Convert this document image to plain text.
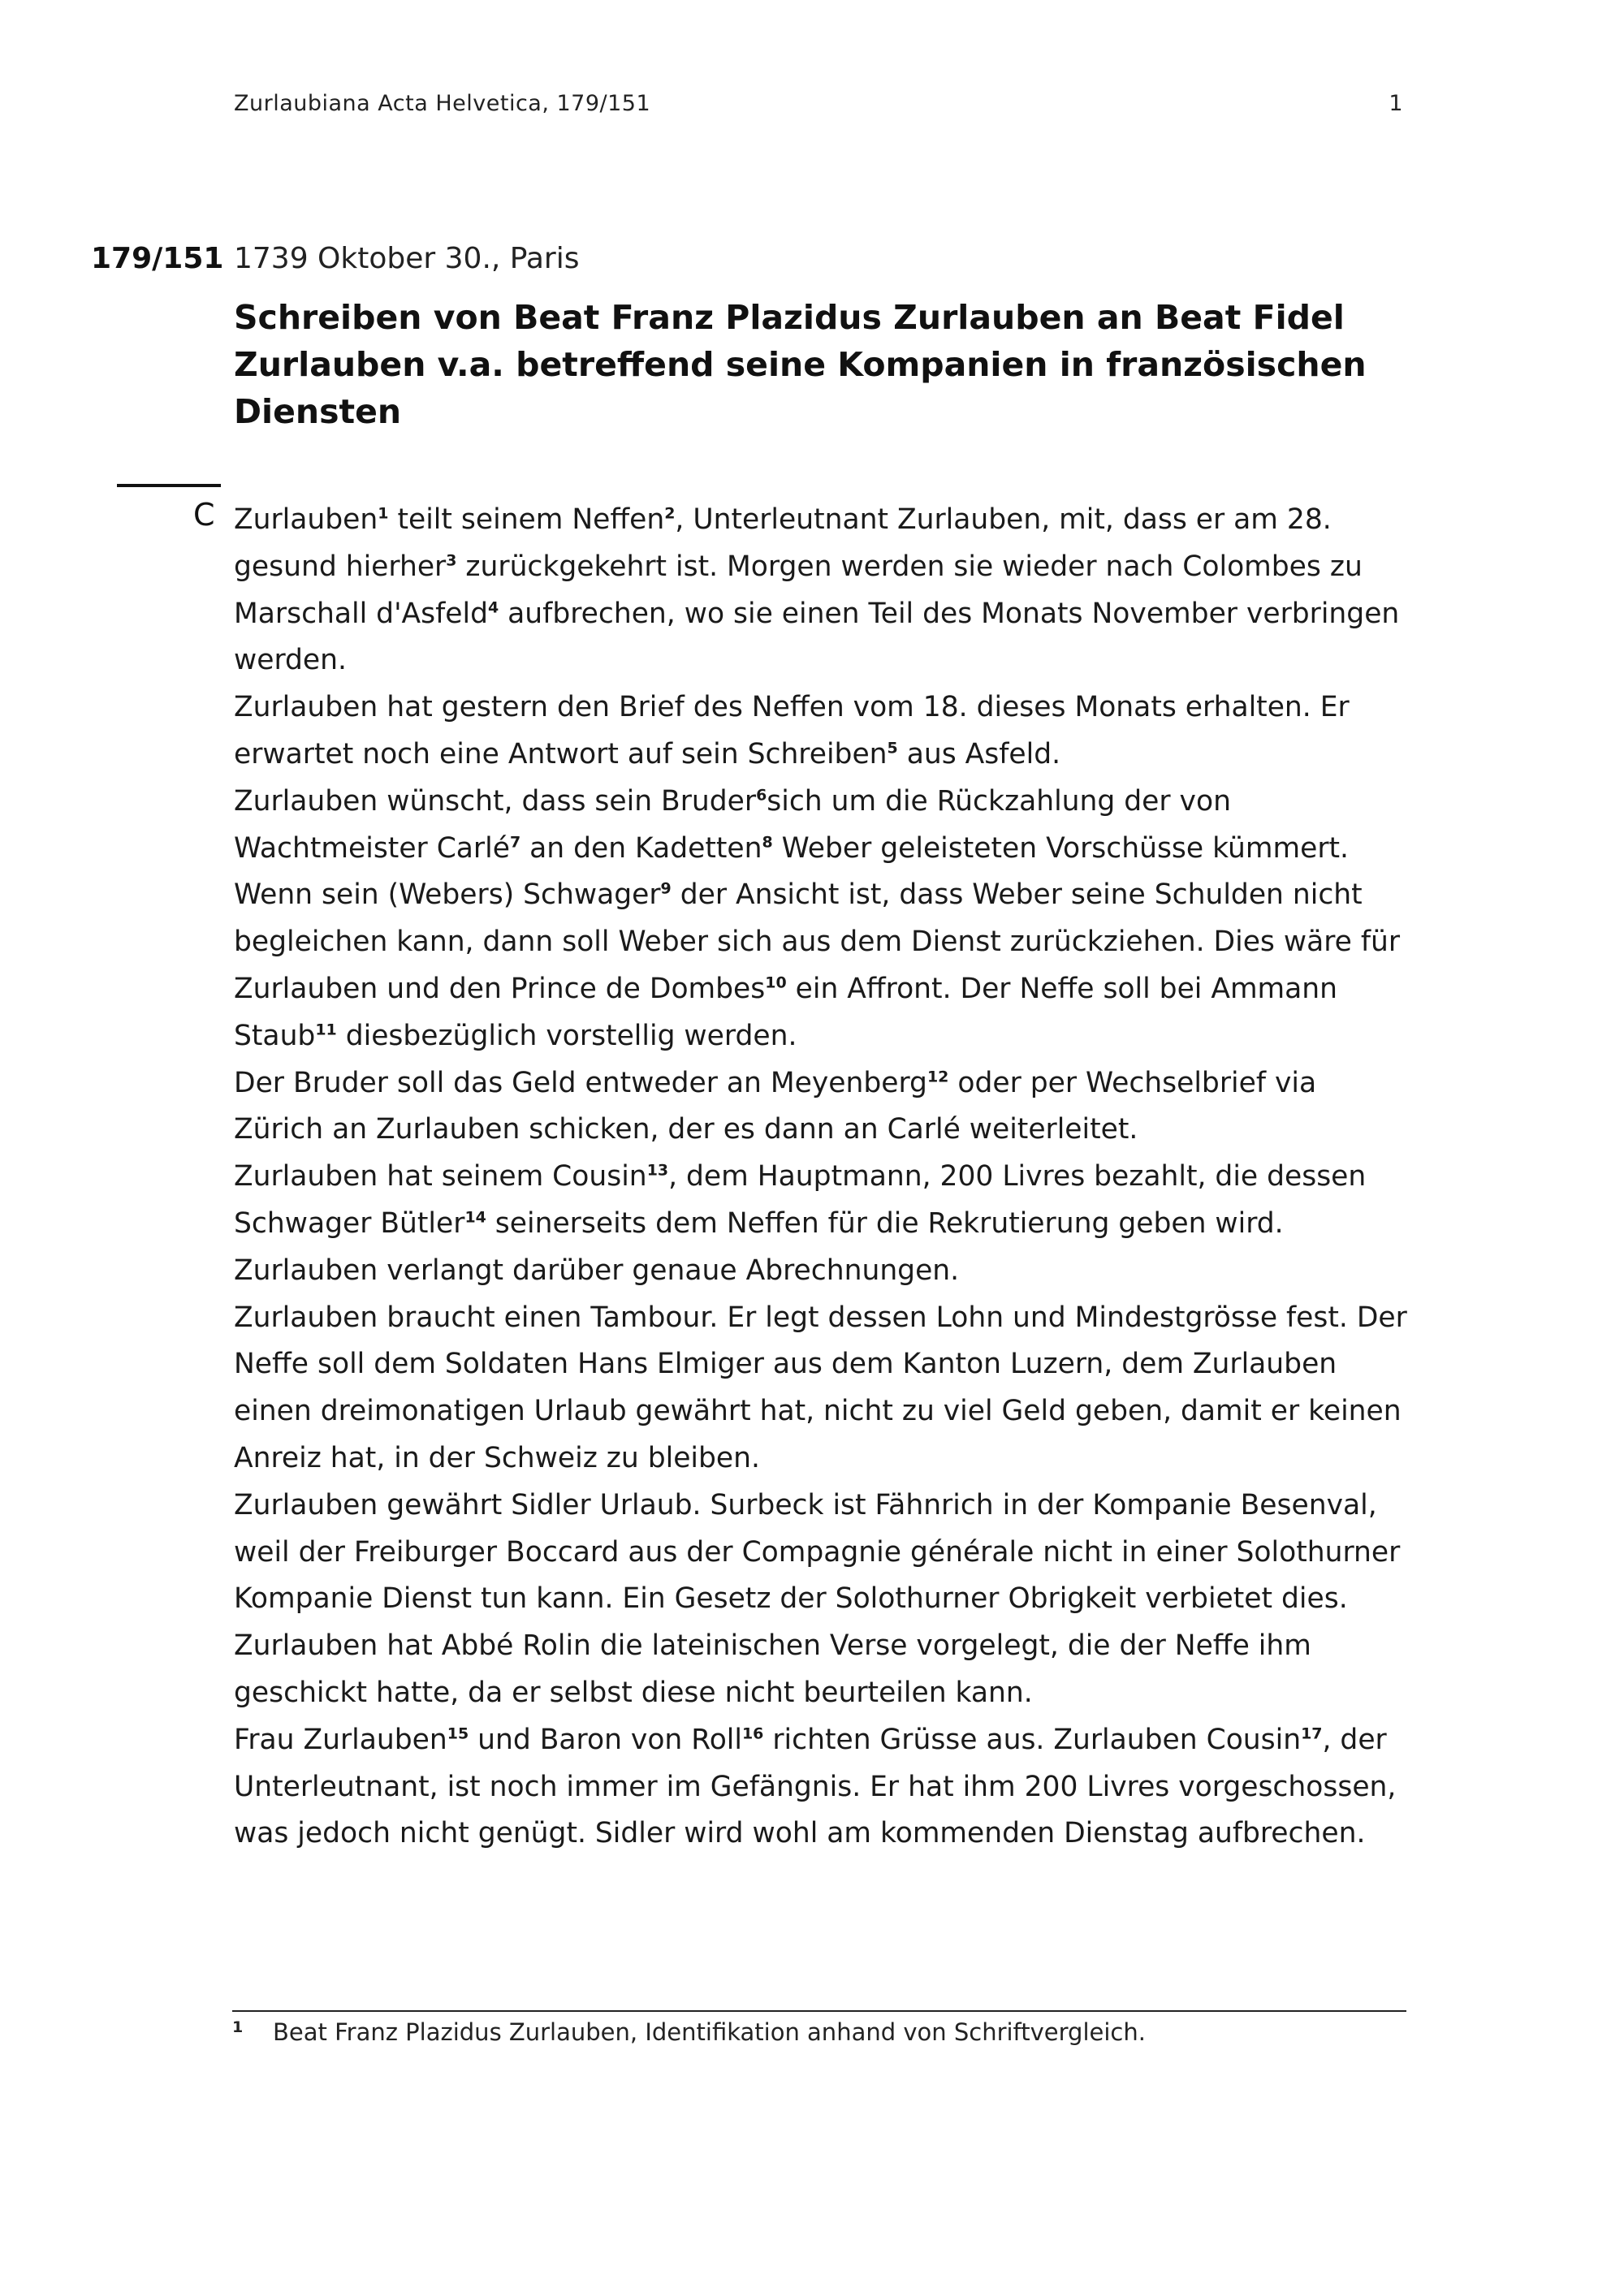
Zurlaubiana Acta Helvetica, 179/151	1
179/151 1739 Oktober 30., Paris
Schreiben von Beat Franz Plazidus Zurlauben an Beat Fidel Zurlauben v.a. betreffend seine Kompanien in französischen Diensten
C Zurlauben$^1$ teilt seinem Neffen$^2$, Unterleutnant Zurlauben, mit, dass er am 28. gesund hierher$^3$ zurückgekehrt ist. Morgen werden sie wieder nach Colombes zu Marschall d'Asfeld$^4$ aufbrechen, wo sie einen Teil des Monats November verbringen werden.

Zurlauben hat gestern den Brief des Neffen vom 18. dieses Monats erhalten. Er erwartet noch eine Antwort auf sein Schreiben$^5$ aus Asfeld.

Zurlauben wünscht, dass sein Bruder$^6$sich um die Rückzahlung der von Wachtmeister Carlé$^7$ an den Kadetten$^8$ Weber geleisteten Vorschüsse kümmert. Wenn sein (Webers) Schwager$^9$ der Ansicht ist, dass Weber seine Schulden nicht begleichen kann, dann soll Weber sich aus dem Dienst zurückziehen. Dies wäre für Zurlauben und den Prince de Dombes$^{10}$ ein Affront. Der Neffe soll bei Ammann Staub$^{11}$ diesbezüglich vorstellig werden.

Der Bruder soll das Geld entweder an Meyenberg$^{12}$ oder per Wechselbrief via Zürich an Zurlauben schicken, der es dann an Carlé weiterleitet.

Zurlauben hat seinem Cousin$^{13}$, dem Hauptmann, 200 Livres bezahlt, die dessen Schwager Bütler$^{14}$ seinerseits dem Neffen für die Rekrutierung geben wird. Zurlauben verlangt darüber genaue Abrechnungen.

Zurlauben braucht einen Tambour. Er legt dessen Lohn und Mindestgrösse fest. Der Neffe soll dem Soldaten Hans Elmiger aus dem Kanton Luzern, dem Zurlauben einen dreimonatigen Urlaub gewährt hat, nicht zu viel Geld geben, damit er keinen Anreiz hat, in der Schweiz zu bleiben.

Zurlauben gewährt Sidler Urlaub. Surbeck ist Fähnrich in der Kompanie Besenval, weil der Freiburger Boccard aus der Compagnie générale nicht in einer Solothurner Kompanie Dienst tun kann. Ein Gesetz der Solothurner Obrigkeit verbietet dies.

Zurlauben hat Abbé Rolin die lateinischen Verse vorgelegt, die der Neffe ihm geschickt hatte, da er selbst diese nicht beurteilen kann.

Frau Zurlauben$^{15}$ und Baron von Roll$^{16}$ richten Grüsse aus. Zurlauben Cousin$^{17}$, der Unterleutnant, ist noch immer im Gefängnis. Er hat ihm 200 Livres vorgeschossen, was jedoch nicht genügt. Sidler wird wohl am kommenden Dienstag aufbrechen.

1 Beat Franz Plazidus Zurlauben, Identifikation anhand von Schriftvergleich.
